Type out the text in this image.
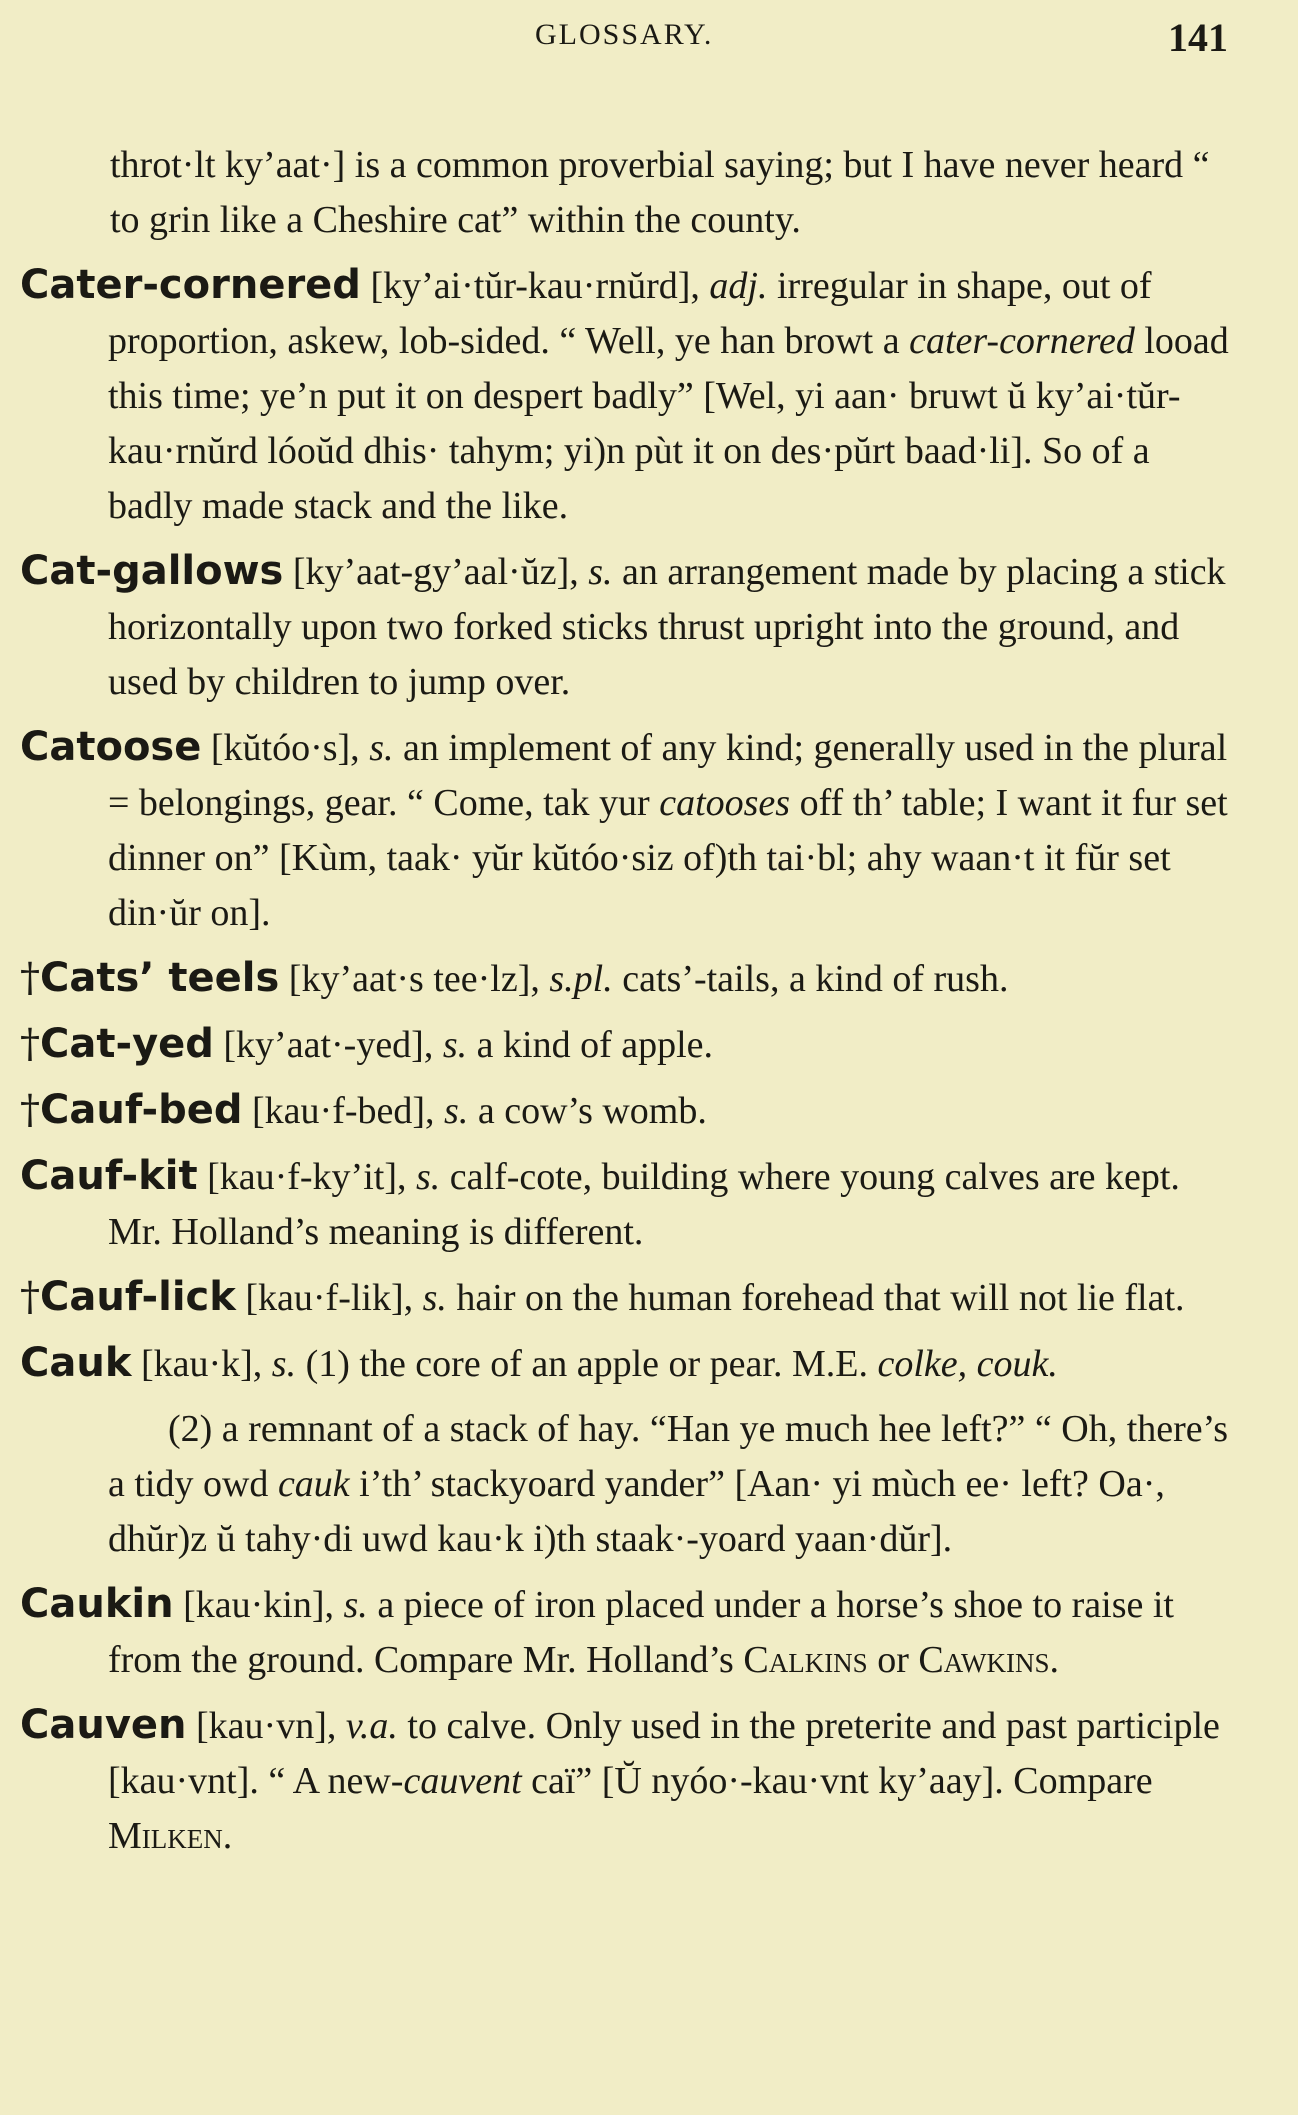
GLOSSARY.	141

throt·lt ky’aat·] is a common proverbial saying; but I have never heard “ to grin like a Cheshire cat” within the county.

Cater-cornered [ky’ai·tŭr-kau·rnŭrd], adj. irregular in shape, out of proportion, askew, lob-sided. “ Well, ye han browt a cater-cornered looad this time; ye’n put it on despert badly” [Wel, yi aan· bruwt ŭ ky’ai·tŭr-kau·rnŭrd lóoŭd dhis· tahym; yi)n pùt it on des·pŭrt baad·li]. So of a badly made stack and the like.

Cat-gallows [ky’aat-gy’aal·ŭz], s. an arrangement made by placing a stick horizontally upon two forked sticks thrust upright into the ground, and used by children to jump over.

Catoose [kŭtóo·s], s. an implement of any kind; generally used in the plural = belongings, gear. “ Come, tak yur catooses off th’ table; I want it fur set dinner on” [Kùm, taak· yŭr kŭtóo·siz of)th tai·bl; ahy waan·t it fŭr set din·ŭr on].

†Cats’ teels [ky’aat·s tee·lz], s.pl. cats’-tails, a kind of rush.

†Cat-yed [ky’aat·-yed], s. a kind of apple.

†Cauf-bed [kau·f-bed], s. a cow’s womb.

Cauf-kit [kau·f-ky’it], s. calf-cote, building where young calves are kept. Mr. Holland’s meaning is different.

†Cauf-lick [kau·f-lik], s. hair on the human forehead that will not lie flat.

Cauk [kau·k], s. (1) the core of an apple or pear. M.E. colke, couk.

(2) a remnant of a stack of hay. “Han ye much hee left?” “ Oh, there’s a tidy owd cauk i’th’ stackyoard yander” [Aan· yi mùch ee· left? Oa·, dhŭr)z ŭ tahy·di uwd kau·k i)th staak·-yoard yaan·dŭr].

Caukin [kau·kin], s. a piece of iron placed under a horse’s shoe to raise it from the ground. Compare Mr. Holland’s Calkins or Cawkins.

Cauven [kau·vn], v.a. to calve. Only used in the preterite and past participle [kau·vnt]. “ A new-cauvent caï” [Ŭ nyóo·-kau·vnt ky’aay]. Compare Milken.
